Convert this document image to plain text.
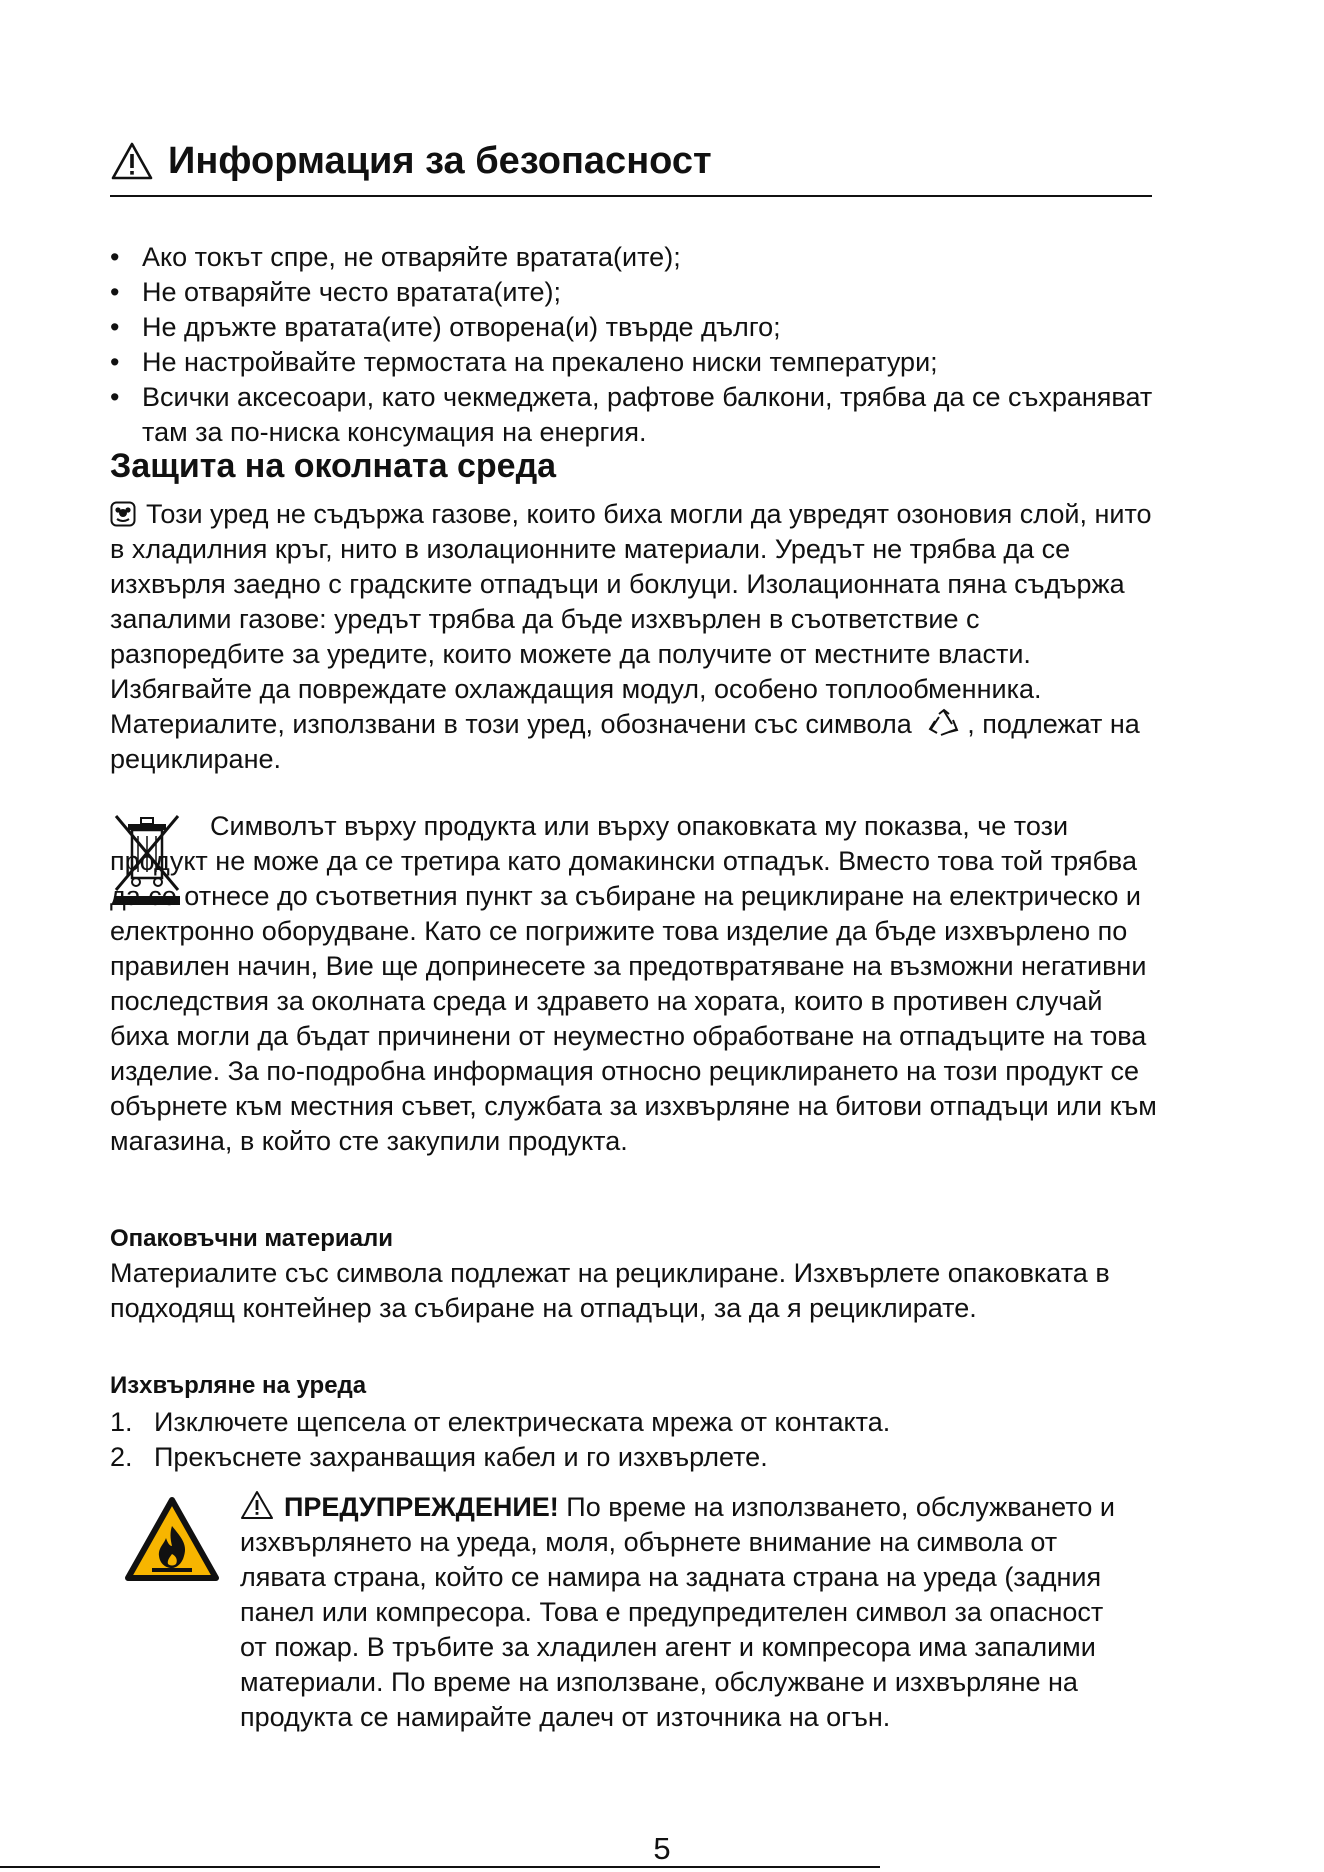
Информация за безопасност
• Ако токът спре, не отваряйте вратата(ите);
• Не отваряйте често вратата(ите);
• Не дръжте вратата(ите) отворена(и) твърде дълго;
• Не настройвайте термостата на прекалено ниски температури;
• Всички аксесоари, като чекмеджета, рафтове балкони, трябва да се съхраняват там за по-ниска консумация на енергия.
Защита на околната среда
Този уред не съдържа газове, които биха могли да увредят озоновия слой, нито в хладилния кръг, нито в изолационните материали. Уредът не трябва да се изхвърля заедно с градските отпадъци и боклуци. Изолационната пяна съдържа запалими газове: уредът трябва да бъде изхвърлен в съответствие с разпоредбите за уредите, които можете да получите от местните власти. Избягвайте да повреждате охлаждащия модул, особено топлообменника. Материалите, използвани в този уред, обозначени със символа , подлежат на рециклиране.
Символът върху продукта или върху опаковката му показва, че този продукт не може да се третира като домакински отпадък. Вместо това той трябва да се отнесе до съответния пункт за събиране на рециклиране на електрическо и електронно оборудване. Като се погрижите това изделие да бъде изхвърлено по правилен начин, Вие ще допринесете за предотвратяване на възможни негативни последствия за околната среда и здравето на хората, които в противен случай биха могли да бъдат причинени от неуместно обработване на отпадъците на това изделие. За по-подробна информация относно рециклирането на този продукт се обърнете към местния съвет, службата за изхвърляне на битови отпадъци или към магазина, в който сте закупили продукта.
Опаковъчни материали
Материалите със символа подлежат на рециклиране. Изхвърлете опаковката в подходящ контейнер за събиране на отпадъци, за да я рециклирате.
Изхвърляне на уреда
1. Изключете щепсела от електрическата мрежа от контакта.
2. Прекъснете захранващия кабел и го изхвърлете.
ПРЕДУПРЕЖДЕНИЕ! По време на използването, обслужването и изхвърлянето на уреда, моля, обърнете внимание на символа от лявата страна, който се намира на задната страна на уреда (задния панел или компресора. Това е предупредителен символ за опасност от пожар. В тръбите за хладилен агент и компресора има запалими материали. По време на използване, обслужване и изхвърляне на продукта се намирайте далеч от източника на огън.
5
